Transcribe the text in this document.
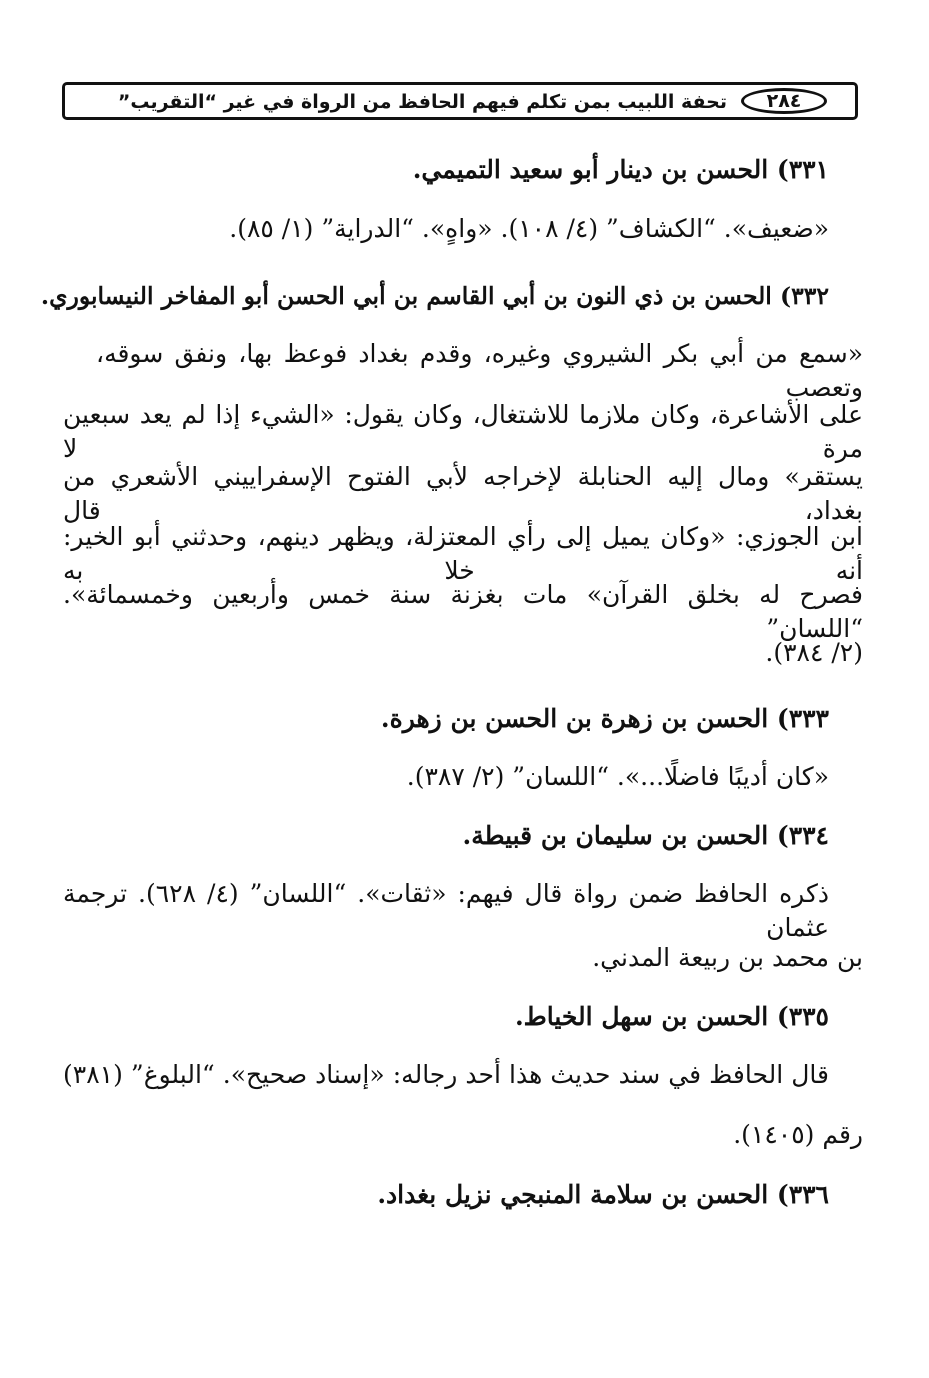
تحفة اللبيب بمن تكلم فيهم الحافظ من الرواة في غير “التقريب”	٢٨٤
٣٣١) الحسن بن دينار أبو سعيد التميمي.
«ضعيف». “الكشاف” (٤/ ١٠٨). «واهٍ». “الدراية” (١/ ٨٥).
٣٣٢) الحسن بن ذي النون بن أبي القاسم بن أبي الحسن أبو المفاخر النيسابوري.
«سمع من أبي بكر الشيروي وغيره، وقدم بغداد فوعظ بها، ونفق سوقه، وتعصب
على الأشاعرة، وكان ملازما للاشتغال، وكان يقول: «الشيء إذا لم يعد سبعين مرة لا
يستقر» ومال إليه الحنابلة لإخراجه لأبي الفتوح الإسفراييني الأشعري من بغداد، قال
ابن الجوزي: «وكان يميل إلى رأي المعتزلة، ويظهر دينهم، وحدثني أبو الخير: أنه خلا به
فصرح له بخلق القرآن» مات بغزنة سنة خمس وأربعين وخمسمائة». “اللسان”
(٢/ ٣٨٤).
٣٣٣) الحسن بن زهرة بن الحسن بن زهرة.
«كان أديبًا فاضلًا...». “اللسان” (٢/ ٣٨٧).
٣٣٤) الحسن بن سليمان بن قبيطة.
ذكره الحافظ ضمن رواة قال فيهم: «ثقات». “اللسان” (٤/ ٦٢٨). ترجمة عثمان
بن محمد بن ربيعة المدني.
٣٣٥) الحسن بن سهل الخياط.
قال الحافظ في سند حديث هذا أحد رجاله: «إسناد صحيح». “البلوغ” (٣٨١)
رقم (١٤٠٥).
٣٣٦) الحسن بن سلامة المنبجي نزيل بغداد.
